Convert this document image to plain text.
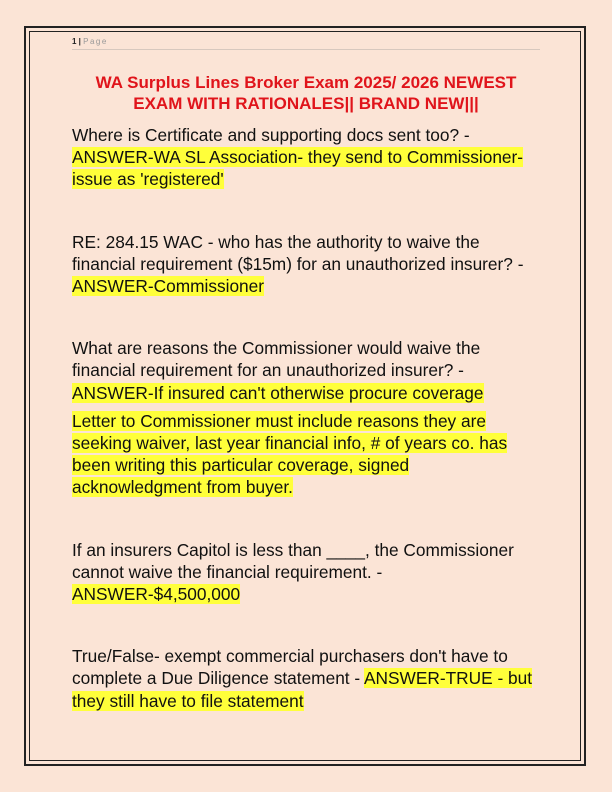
1 | Page
WA Surplus Lines Broker Exam 2025/ 2026 NEWEST
EXAM WITH RATIONALES|| BRAND NEW|||

Where is Certificate and supporting docs sent too? - ANSWER-WA SL Association- they send to Commissioner- issue as 'registered'

RE: 284.15 WAC - who has the authority to waive the financial requirement ($15m) for an unauthorized insurer? - ANSWER-Commissioner

What are reasons the Commissioner would waive the financial requirement for an unauthorized insurer? - ANSWER-If insured can't otherwise procure coverage

Letter to Commissioner must include reasons they are seeking waiver, last year financial info, # of years co. has been writing this particular coverage, signed acknowledgment from buyer.

If an insurers Capitol is less than ____, the Commissioner cannot waive the financial requirement. - ANSWER-$4,500,000

True/False- exempt commercial purchasers don't have to complete a Due Diligence statement - ANSWER-TRUE - but they still have to file statement
